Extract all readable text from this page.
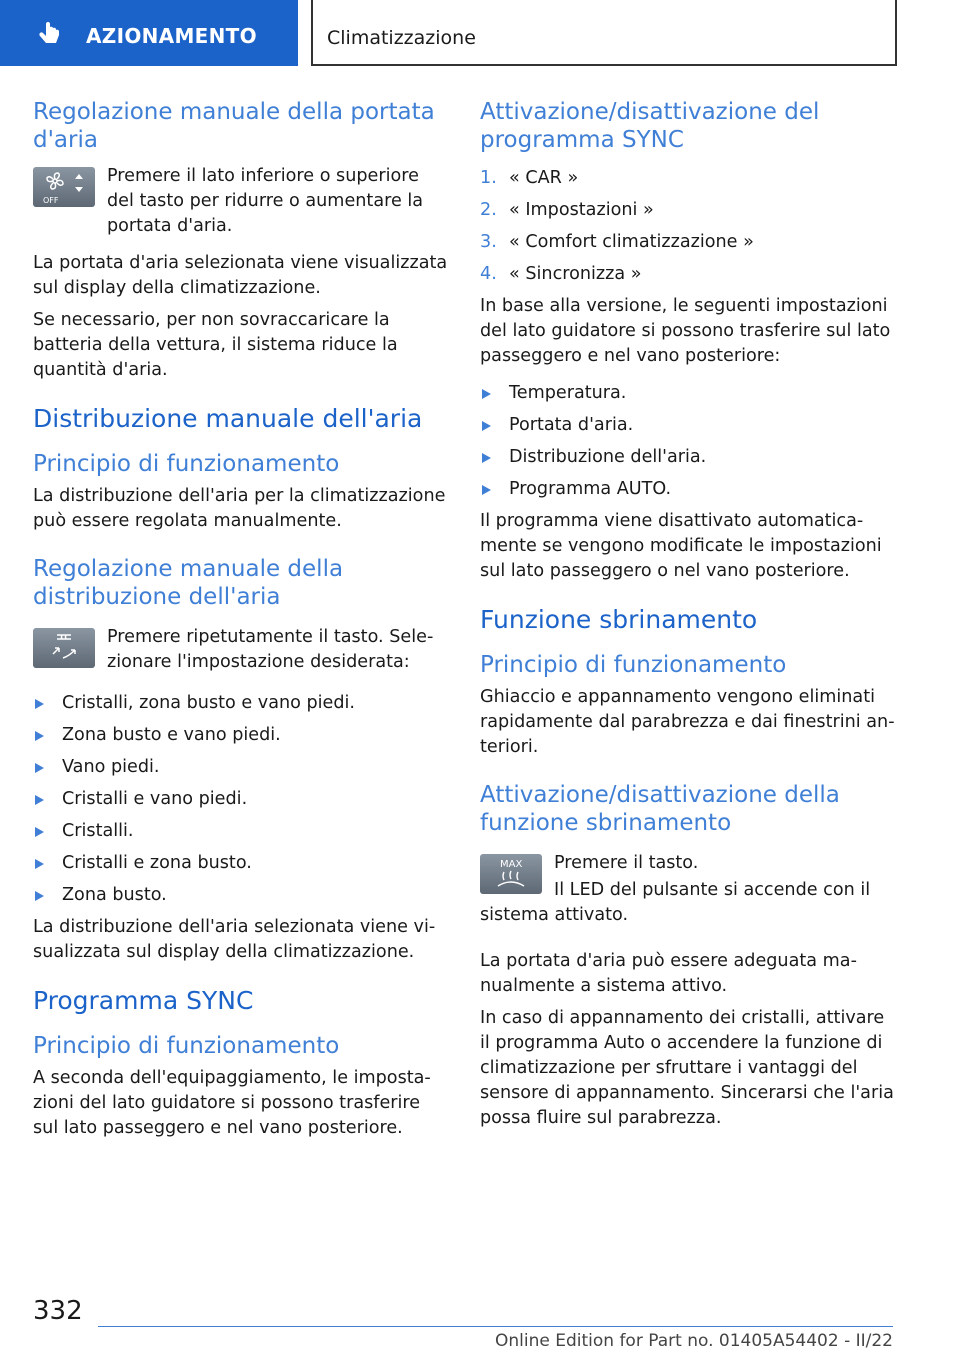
AZIONAMENTO	Climatizzazione
Regolazione manuale della portata d'aria
OFF
Premere il lato inferiore o superiore del tasto per ridurre o aumentare la portata d'aria.
La portata d'aria selezionata viene visualizzata sul display della climatizzazione.
Se necessario, per non sovraccaricare la batteria della vettura, il sistema riduce la quantità d'aria.
Distribuzione manuale dell'aria
Principio di funzionamento
La distribuzione dell'aria per la climatizzazione può essere regolata manualmente.
Regolazione manuale della distribuzione dell'aria
Premere ripetutamente il tasto. Selezionare l'impostazione desiderata:
Cristalli, zona busto e vano piedi.
Zona busto e vano piedi.
Vano piedi.
Cristalli e vano piedi.
Cristalli.
Cristalli e zona busto.
Zona busto.
La distribuzione dell'aria selezionata viene visualizzata sul display della climatizzazione.
Programma SYNC
Principio di funzionamento
A seconda dell'equipaggiamento, le impostazioni del lato guidatore si possono trasferire sul lato passeggero e nel vano posteriore.
Attivazione/disattivazione del programma SYNC
1. « CAR »
2. « Impostazioni »
3. « Comfort climatizzazione »
4. « Sincronizza »
In base alla versione, le seguenti impostazioni del lato guidatore si possono trasferire sul lato passeggero e nel vano posteriore:
Temperatura.
Portata d'aria.
Distribuzione dell'aria.
Programma AUTO.
Il programma viene disattivato automaticamente se vengono modificate le impostazioni sul lato passeggero o nel vano posteriore.
Funzione sbrinamento
Principio di funzionamento
Ghiaccio e appannamento vengono eliminati rapidamente dal parabrezza e dai finestrini anteriori.
Attivazione/disattivazione della funzione sbrinamento
MAX Premere il tasto.
Il LED del pulsante si accende con il sistema attivato.
La portata d'aria può essere adeguata manualmente a sistema attivo.
In caso di appannamento dei cristalli, attivare il programma Auto o accendere la funzione di climatizzazione per sfruttare i vantaggi del sensore di appannamento. Sincerarsi che l'aria possa fluire sul parabrezza.
332
Online Edition for Part no. 01405A54402 - II/22
